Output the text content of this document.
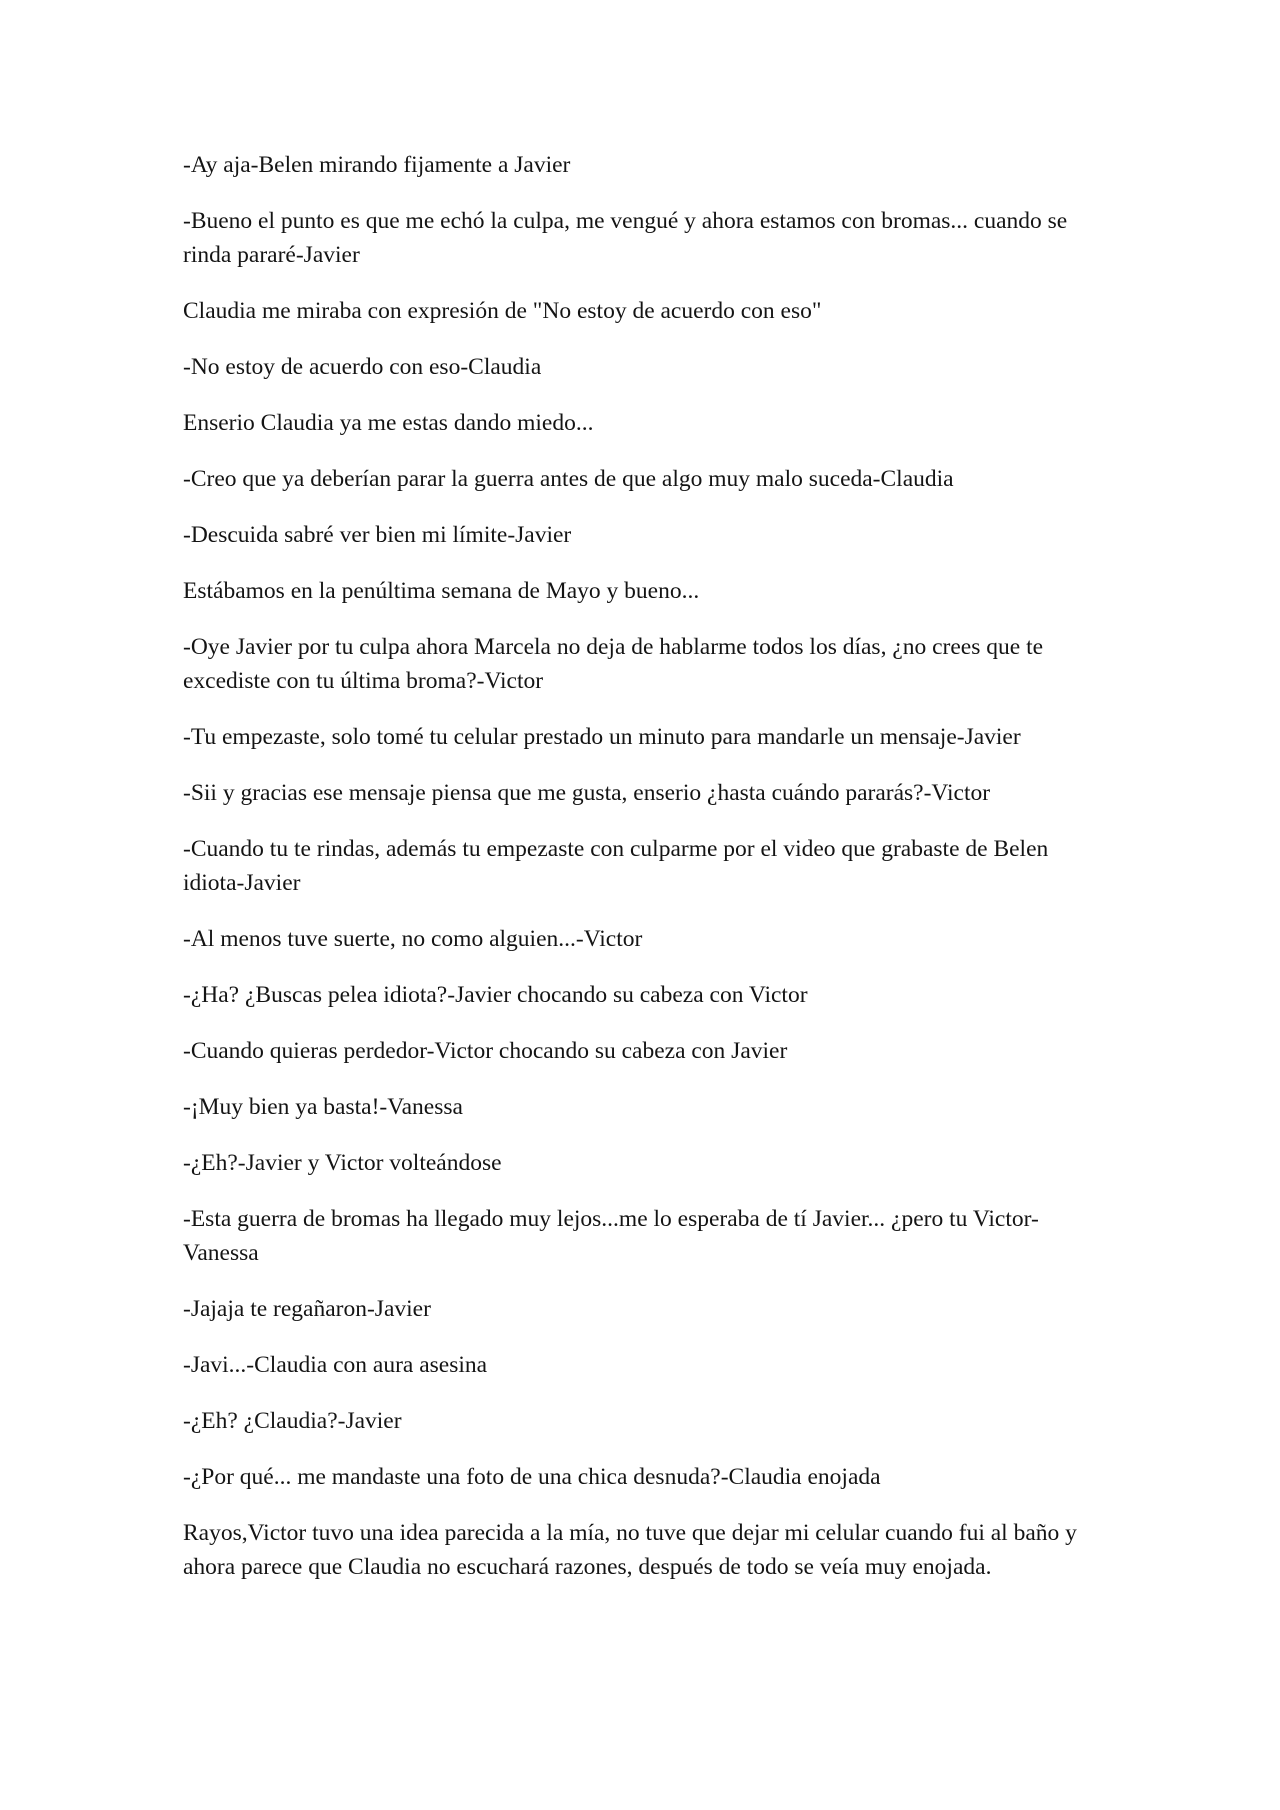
-Ay aja-Belen mirando fijamente a Javier

-Bueno el punto es que me echó la culpa, me vengué y ahora estamos con bromas... cuando se rinda pararé-Javier

Claudia me miraba con expresión de "No estoy de acuerdo con eso"

-No estoy de acuerdo con eso-Claudia

Enserio Claudia ya me estas dando miedo...

-Creo que ya deberían parar la guerra antes de que algo muy malo suceda-Claudia

-Descuida sabré ver bien mi límite-Javier

Estábamos en la penúltima semana de Mayo y bueno...

-Oye Javier por tu culpa ahora Marcela no deja de hablarme todos los días, ¿no crees que te excediste con tu última broma?-Victor

-Tu empezaste, solo tomé tu celular prestado un minuto para mandarle un mensaje-Javier

-Sii y gracias ese mensaje piensa que me gusta, enserio ¿hasta cuándo pararás?-Victor

-Cuando tu te rindas, además tu empezaste con culparme por el video que grabaste de Belen idiota-Javier

-Al menos tuve suerte, no como alguien...-Victor

-¿Ha? ¿Buscas pelea idiota?-Javier chocando su cabeza con Victor

-Cuando quieras perdedor-Victor chocando su cabeza con Javier

-¡Muy bien ya basta!-Vanessa

-¿Eh?-Javier y Victor volteándose

-Esta guerra de bromas ha llegado muy lejos...me lo esperaba de tí Javier... ¿pero tu Victor- Vanessa

-Jajaja te regañaron-Javier

-Javi...-Claudia con aura asesina

-¿Eh? ¿Claudia?-Javier

-¿Por qué... me mandaste una foto de una chica desnuda?-Claudia enojada

Rayos,Victor tuvo una idea parecida a la mía, no tuve que dejar mi celular cuando fui al baño y ahora parece que Claudia no escuchará razones, después de todo se veía muy enojada.
